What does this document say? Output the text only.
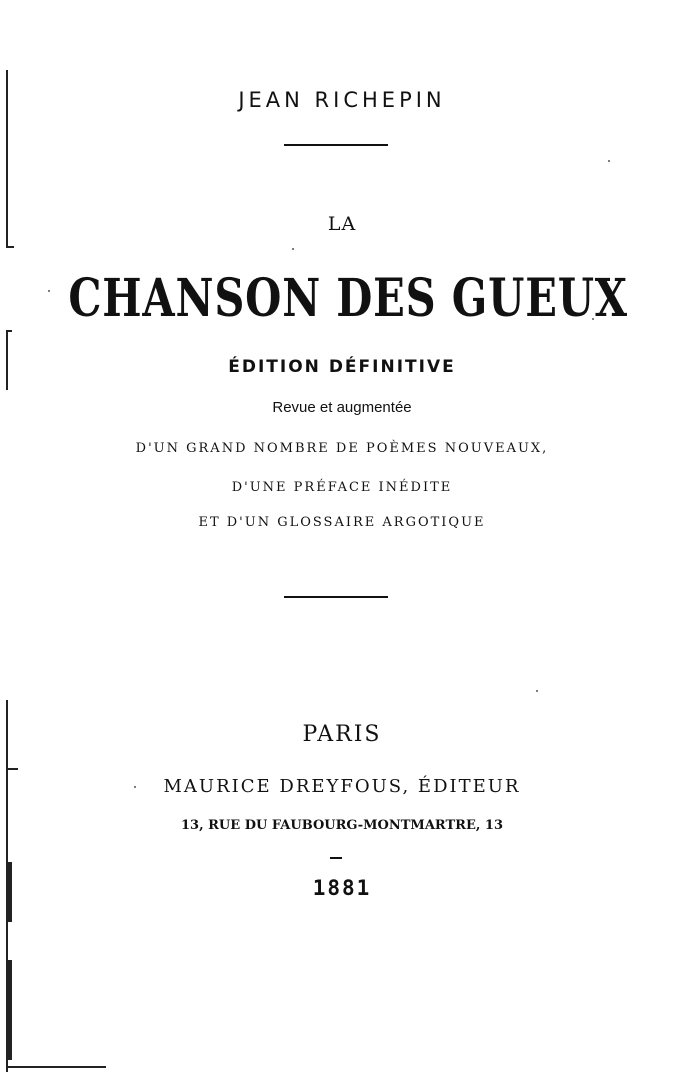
JEAN RICHEPIN
LA
CHANSON DES GUEUX
ÉDITION DÉFINITIVE
Revue et augmentée
D'UN GRAND NOMBRE DE POÈMES NOUVEAUX,
D'UNE PRÉFACE INÉDITE
ET D'UN GLOSSAIRE ARGOTIQUE
PARIS
MAURICE DREYFOUS, ÉDITEUR
13, RUE DU FAUBOURG-MONTMARTRE, 13
1881
